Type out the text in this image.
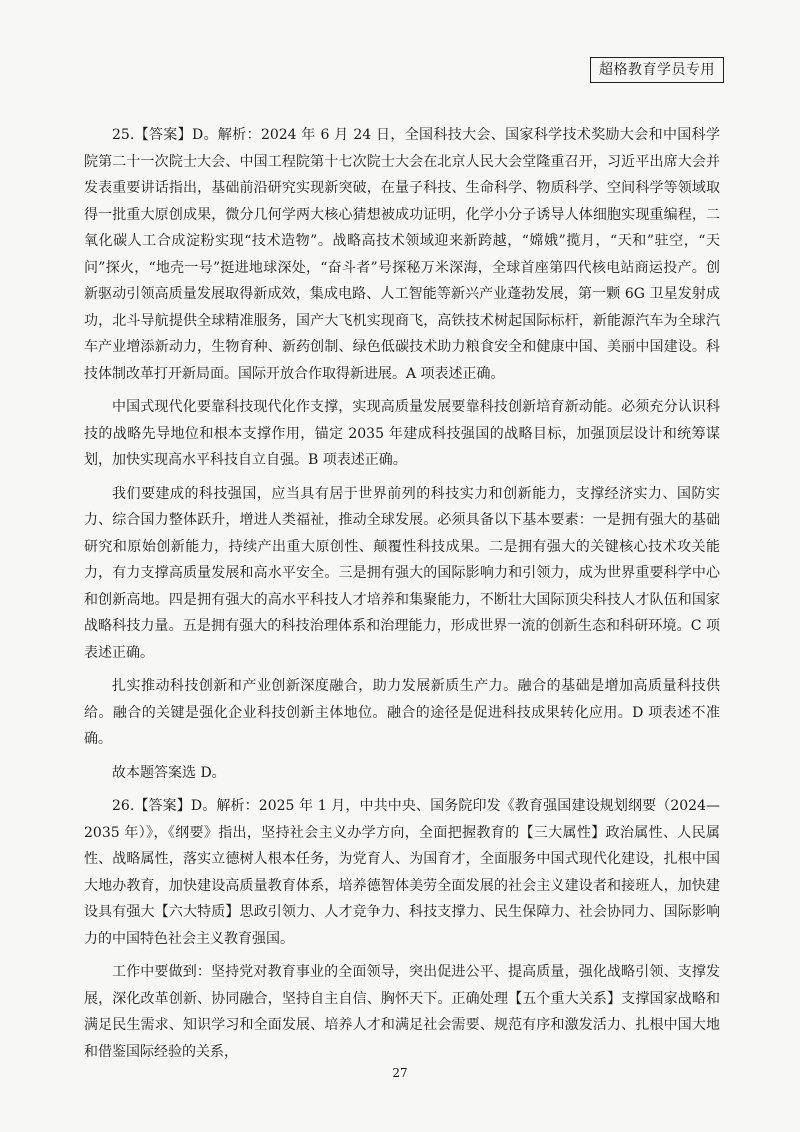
超格教育学员专用

25.【答案】D。解析：2024 年 6 月 24 日，全国科技大会、国家科学技术奖励大会和中国科学院第二十一次院士大会、中国工程院第十七次院士大会在北京人民大会堂隆重召开，习近平出席大会并发表重要讲话指出，基础前沿研究实现新突破，在量子科技、生命科学、物质科学、空间科学等领域取得一批重大原创成果，微分几何学两大核心猜想被成功证明，化学小分子诱导人体细胞实现重编程，二氧化碳人工合成淀粉实现“技术造物”。战略高技术领域迎来新跨越，“嫦娥”揽月，“天和”驻空，“天问”探火，“地壳一号”挺进地球深处，“奋斗者”号探秘万米深海，全球首座第四代核电站商运投产。创新驱动引领高质量发展取得新成效，集成电路、人工智能等新兴产业蓬勃发展，第一颗 6G 卫星发射成功，北斗导航提供全球精准服务，国产大飞机实现商飞，高铁技术树起国际标杆，新能源汽车为全球汽车产业增添新动力，生物育种、新药创制、绿色低碳技术助力粮食安全和健康中国、美丽中国建设。科技体制改革打开新局面。国际开放合作取得新进展。A 项表述正确。

中国式现代化要靠科技现代化作支撑，实现高质量发展要靠科技创新培育新动能。必须充分认识科技的战略先导地位和根本支撑作用，锚定 2035 年建成科技强国的战略目标，加强顶层设计和统筹谋划，加快实现高水平科技自立自强。B 项表述正确。

我们要建成的科技强国，应当具有居于世界前列的科技实力和创新能力，支撑经济实力、国防实力、综合国力整体跃升，增进人类福祉，推动全球发展。必须具备以下基本要素：一是拥有强大的基础研究和原始创新能力，持续产出重大原创性、颠覆性科技成果。二是拥有强大的关键核心技术攻关能力，有力支撑高质量发展和高水平安全。三是拥有强大的国际影响力和引领力，成为世界重要科学中心和创新高地。四是拥有强大的高水平科技人才培养和集聚能力，不断壮大国际顶尖科技人才队伍和国家战略科技力量。五是拥有强大的科技治理体系和治理能力，形成世界一流的创新生态和科研环境。C 项表述正确。

扎实推动科技创新和产业创新深度融合，助力发展新质生产力。融合的基础是增加高质量科技供给。融合的关键是强化企业科技创新主体地位。融合的途径是促进科技成果转化应用。D 项表述不准确。

故本题答案选 D。

26.【答案】D。解析：2025 年 1 月，中共中央、国务院印发《教育强国建设规划纲要（2024—2035 年）》，《纲要》指出，坚持社会主义办学方向，全面把握教育的【三大属性】政治属性、人民属性、战略属性，落实立德树人根本任务，为党育人、为国育才，全面服务中国式现代化建设，扎根中国大地办教育，加快建设高质量教育体系，培养德智体美劳全面发展的社会主义建设者和接班人，加快建设具有强大【六大特质】思政引领力、人才竞争力、科技支撑力、民生保障力、社会协同力、国际影响力的中国特色社会主义教育强国。

工作中要做到：坚持党对教育事业的全面领导，突出促进公平、提高质量，强化战略引领、支撑发展，深化改革创新、协同融合，坚持自主自信、胸怀天下。正确处理【五个重大关系】支撑国家战略和满足民生需求、知识学习和全面发展、培养人才和满足社会需要、规范有序和激发活力、扎根中国大地和借鉴国际经验的关系，

27
